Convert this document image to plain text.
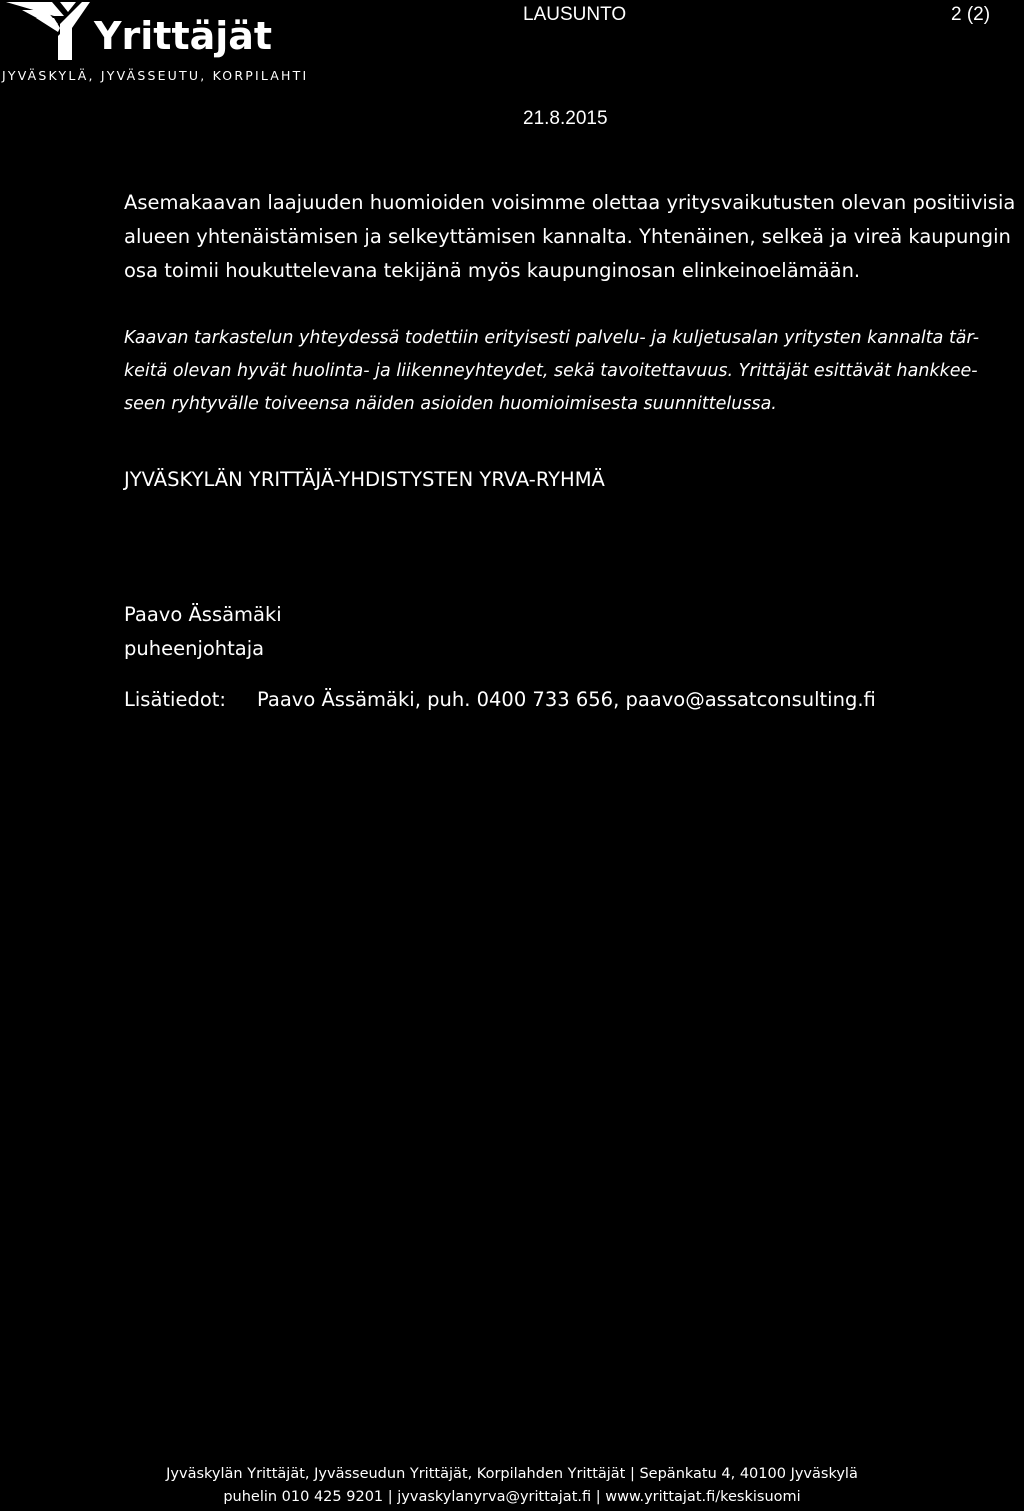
Yrittäjät
JYVÄSKYLÄ, JYVÄSSEUTU, KORPILAHTI
LAUSUNTO	2 (2)
21.8.2015

Asemakaavan laajuuden huomioiden voisimme olettaa yritysvaikutusten olevan positiivisia

alueen yhtenäistämisen ja selkeyttämisen kannalta. Yhtenäinen, selkeä ja vireä kaupungin

osa toimii houkuttelevana tekijänä myös kaupunginosan elinkeinoelämään.

Kaavan tarkastelun yhteydessä todettiin erityisesti palvelu- ja kuljetusalan yritysten kannalta tär-

keitä olevan hyvät huolinta- ja liikenneyhteydet, sekä tavoitettavuus. Yrittäjät esittävät hankkee-

seen ryhtyvälle toiveensa näiden asioiden huomioimisesta suunnittelussa.

JYVÄSKYLÄN YRITTÄJÄ-YHDISTYSTEN YRVA-RYHMÄ
Paavo Ässämäki
puheenjohtaja
Lisätiedot: Paavo Ässämäki, puh. 0400 733 656, paavo@assatconsulting.fi
Jyväskylän Yrittäjät, Jyvässeudun Yrittäjät, Korpilahden Yrittäjät | Sepänkatu 4, 40100 Jyväskylä
puhelin 010 425 9201 | jyvaskylanyrva@yrittajat.fi | www.yrittajat.fi/keskisuomi
